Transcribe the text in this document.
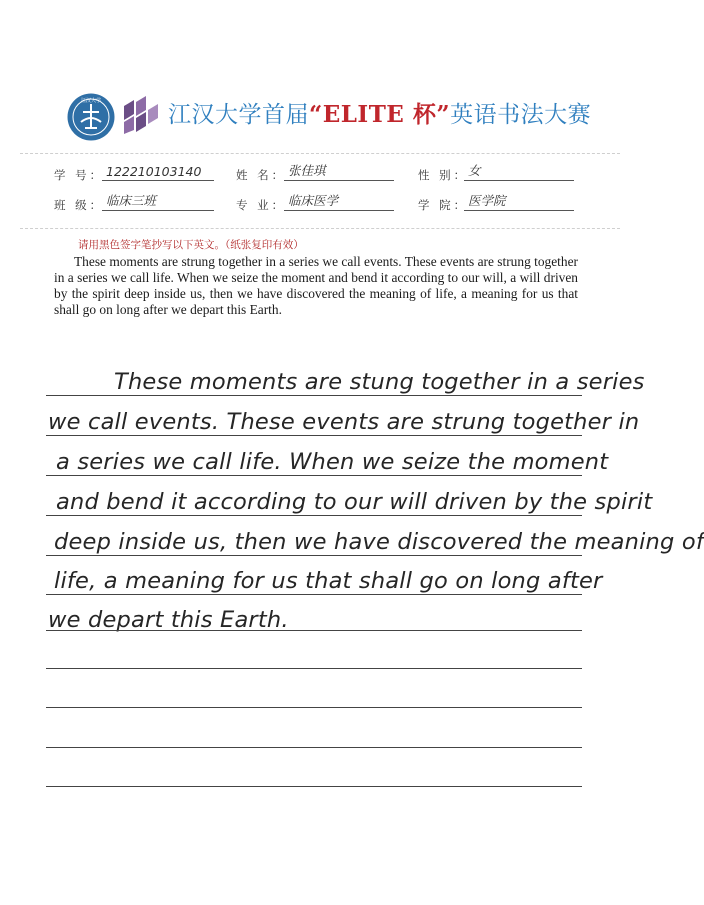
江汉大学
江汉大学首届“ELITE 杯”英语书法大赛
学 号： 122210103140	姓 名： 张佳琪	性 别： 女
班 级： 临床三班	专 业： 临床医学	学 院： 医学院
请用黑色签字笔抄写以下英文。（纸张复印有效）
These moments are strung together in a series we call events. These events are strung together in a series we call life. When we seize the moment and bend it according to our will, a will driven by the spirit deep inside us, then we have discovered the meaning of life, a meaning for us that shall go on long after we depart this Earth.
These moments are stung together in a series
we call events. These events are strung together in
a series we call life. When we seize the moment
and bend it according to our will driven by the spirit
deep inside us, then we have discovered the meaning of
life, a meaning for us that shall go on long after
we depart this Earth.
